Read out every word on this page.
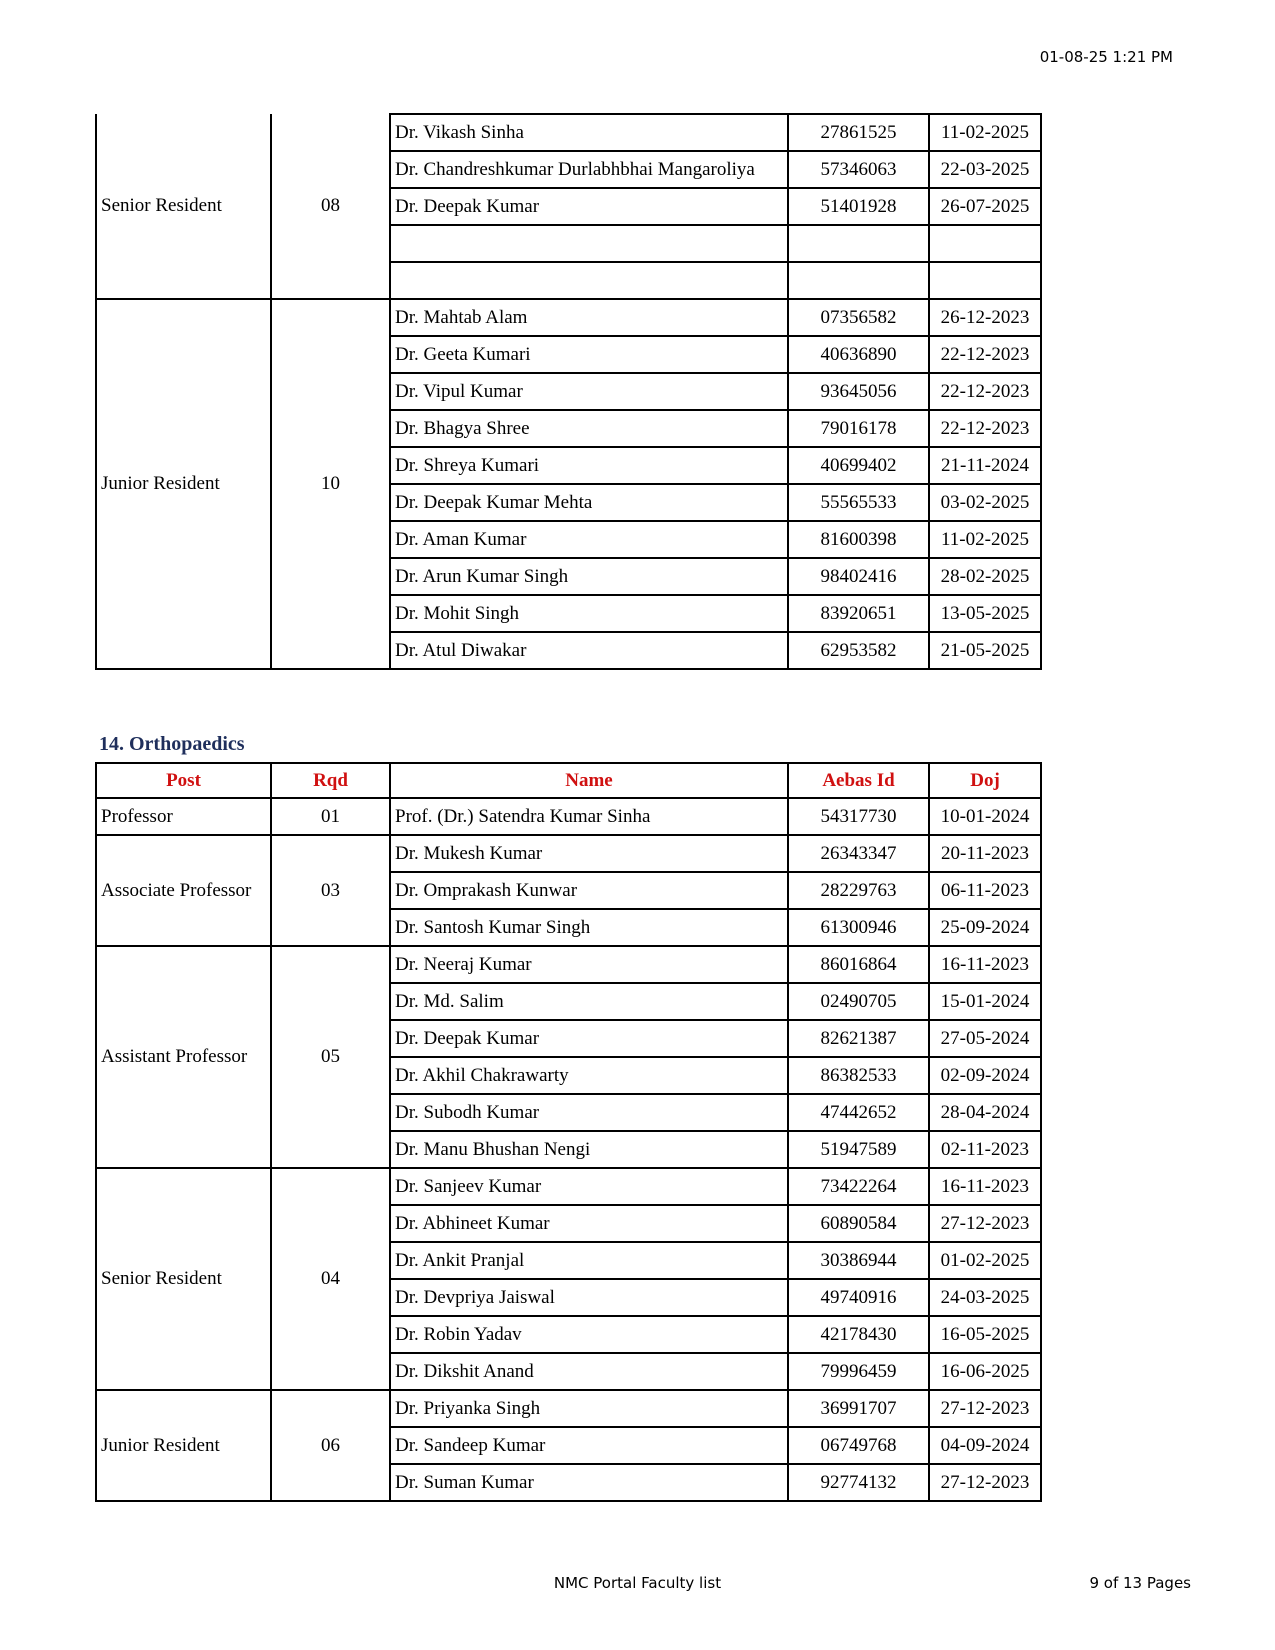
01-08-25 1:21 PM
Senior Resident	08	Dr. Vikash Sinha	27861525	11-02-2025
		Dr. Chandreshkumar Durlabhbhai Mangaroliya	57346063	22-03-2025
		Dr. Deepak Kumar	51401928	26-07-2025

Junior Resident	10	Dr. Mahtab Alam	07356582	26-12-2023
		Dr. Geeta Kumari	40636890	22-12-2023
		Dr. Vipul Kumar	93645056	22-12-2023
		Dr. Bhagya Shree	79016178	22-12-2023
		Dr. Shreya Kumari	40699402	21-11-2024
		Dr. Deepak Kumar Mehta	55565533	03-02-2025
		Dr. Aman Kumar	81600398	11-02-2025
		Dr. Arun Kumar Singh	98402416	28-02-2025
		Dr. Mohit Singh	83920651	13-05-2025
		Dr. Atul Diwakar	62953582	21-05-2025
14. Orthopaedics
Post	Rqd	Name	Aebas Id	Doj
Professor	01	Prof. (Dr.) Satendra Kumar Sinha	54317730	10-01-2024
Associate Professor	03	Dr. Mukesh Kumar	26343347	20-11-2023
		Dr. Omprakash Kunwar	28229763	06-11-2023
		Dr. Santosh Kumar Singh	61300946	25-09-2024
Assistant Professor	05	Dr. Neeraj Kumar	86016864	16-11-2023
		Dr. Md. Salim	02490705	15-01-2024
		Dr. Deepak Kumar	82621387	27-05-2024
		Dr. Akhil Chakrawarty	86382533	02-09-2024
		Dr. Subodh Kumar	47442652	28-04-2024
		Dr. Manu Bhushan Nengi	51947589	02-11-2023
Senior Resident	04	Dr. Sanjeev Kumar	73422264	16-11-2023
		Dr. Abhineet Kumar	60890584	27-12-2023
		Dr. Ankit Pranjal	30386944	01-02-2025
		Dr. Devpriya Jaiswal	49740916	24-03-2025
		Dr. Robin Yadav	42178430	16-05-2025
		Dr. Dikshit Anand	79996459	16-06-2025
Junior Resident	06	Dr. Priyanka Singh	36991707	27-12-2023
		Dr. Sandeep Kumar	06749768	04-09-2024
		Dr. Suman Kumar	92774132	27-12-2023
NMC Portal Faculty list	9 of 13 Pages
